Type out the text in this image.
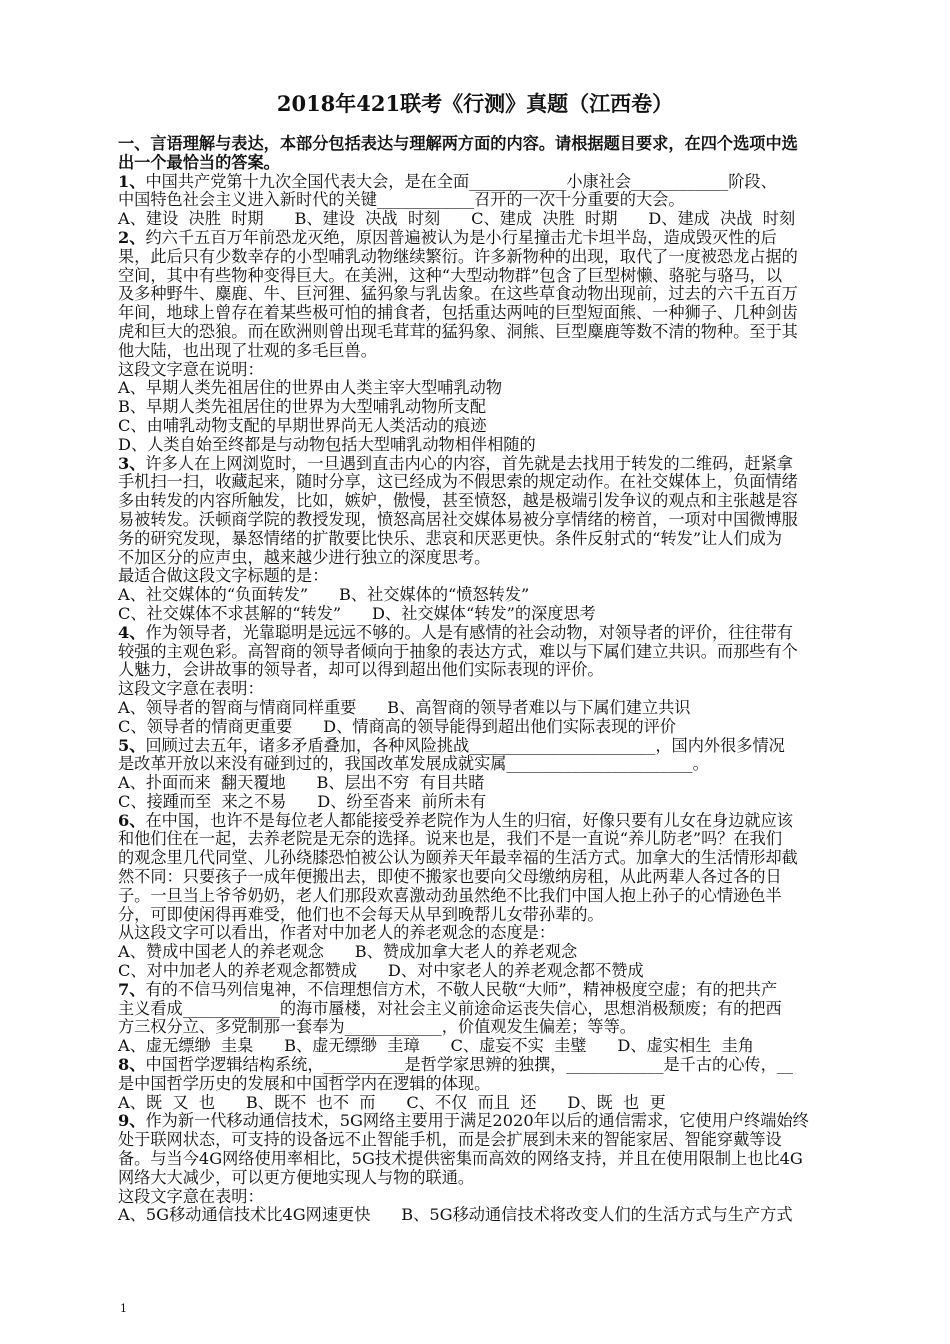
2018年421联考《行测》真题（江西卷）
一、言语理解与表达，本部分包括表达与理解两方面的内容。请根据题目要求，在四个选项中选
出一个最恰当的答案。
1、中国共产党第十九次全国代表大会，是在全面____________小康社会____________阶段、
中国特色社会主义进入新时代的关键____________召开的一次十分重要的大会。
A、建设  决胜  时期      B、建设  决战  时刻      C、建成  决胜  时期      D、建成  决战  时刻
2、约六千五百万年前恐龙灭绝，原因普遍被认为是小行星撞击尤卡坦半岛，造成毁灭性的后
果，此后只有少数幸存的小型哺乳动物继续繁衍。许多新物种的出现，取代了一度被恐龙占据的
空间，其中有些物种变得巨大。在美洲，这种“大型动物群”包含了巨型树懒、骆驼与骆马，以
及多种野牛、麋鹿、牛、巨河狸、猛犸象与乳齿象。在这些草食动物出现前，过去的六千五百万
年间，地球上曾存在着某些极可怕的捕食者，包括重达两吨的巨型短面熊、一种狮子、几种剑齿
虎和巨大的恐狼。而在欧洲则曾出现毛茸茸的猛犸象、洞熊、巨型麋鹿等数不清的物种。至于其
他大陆，也出现了壮观的多毛巨兽。
这段文字意在说明：
A、早期人类先祖居住的世界由人类主宰大型哺乳动物
B、早期人类先祖居住的世界为大型哺乳动物所支配
C、由哺乳动物支配的早期世界尚无人类活动的痕迹
D、人类自始至终都是与动物包括大型哺乳动物相伴相随的
3、许多人在上网浏览时，一旦遇到直击内心的内容，首先就是去找用于转发的二维码，赶紧拿
手机扫一扫，收藏起来，随时分享，这已经成为不假思索的规定动作。在社交媒体上，负面情绪
多由转发的内容所触发，比如，嫉妒，傲慢，甚至愤怒，越是极端引发争议的观点和主张越是容
易被转发。沃顿商学院的教授发现，愤怒高居社交媒体易被分享情绪的榜首，一项对中国微博服
务的研究发现，暴怒情绪的扩散要比快乐、悲哀和厌恶更快。条件反射式的“转发”让人们成为
不加区分的应声虫，越来越少进行独立的深度思考。
最适合做这段文字标题的是：
A、社交媒体的“负面转发”      B、社交媒体的“愤怒转发”
C、社交媒体不求甚解的“转发”      D、社交媒体“转发”的深度思考
4、作为领导者，光靠聪明是远远不够的。人是有感情的社会动物，对领导者的评价，往往带有
较强的主观色彩。高智商的领导者倾向于抽象的表达方式，难以与下属们建立共识。而那些有个
人魅力，会讲故事的领导者，却可以得到超出他们实际表现的评价。
这段文字意在表明：
A、领导者的智商与情商同样重要      B、高智商的领导者难以与下属们建立共识
C、领导者的情商更重要      D、情商高的领导能得到超出他们实际表现的评价
5、回顾过去五年，诸多矛盾叠加，各种风险挑战_______________________，国内外很多情况
是改革开放以来没有碰到过的，我国改革发展成就实属_______________________。
A、扑面而来  翻天覆地      B、层出不穷  有目共睹
C、接踵而至  来之不易      D、纷至沓来  前所未有
6、在中国，也许不是每位老人都能接受养老院作为人生的归宿，好像只要有儿女在身边就应该
和他们住在一起，去养老院是无奈的选择。说来也是，我们不是一直说“养儿防老”吗？在我们
的观念里几代同堂、儿孙绕膝恐怕被公认为颐养天年最幸福的生活方式。加拿大的生活情形却截
然不同：只要孩子一成年便搬出去，即使不搬家也要向父母缴纳房租，从此两辈人各过各的日
子。一旦当上爷爷奶奶，老人们那段欢喜激动劲虽然绝不比我们中国人抱上孙子的心情逊色半
分，可即使闲得再难受，他们也不会每天从早到晚帮儿女带孙辈的。
从这段文字可以看出，作者对中加老人的养老观念的态度是：
A、赞成中国老人的养老观念      B、赞成加拿大老人的养老观念
C、对中加老人的养老观念都赞成      D、对中家老人的养老观念都不赞成
7、有的不信马列信鬼神，不信理想信方术，不敬人民敬“大师”，精神极度空虚；有的把共产
主义看成____________的海市蜃楼，对社会主义前途命运丧失信心，思想消极颓废；有的把西
方三权分立、多党制那一套奉为____________，价值观发生偏差；等等。
A、虚无缥缈  圭臬      B、虚无缥缈  圭璋      C、虚妄不实  圭璧      D、虚实相生  圭角
8、中国哲学逻辑结构系统，__________是哲学家思辨的独撰，____________是千古的心传，__
是中国哲学历史的发展和中国哲学内在逻辑的体现。
A、既  又  也      B、既不  也不  而      C、不仅  而且  还      D、既  也  更
9、作为新一代移动通信技术，5G网络主要用于满足2020年以后的通信需求，它使用户终端始终
处于联网状态，可支持的设备远不止智能手机，而是会扩展到未来的智能家居、智能穿戴等设
备。与当今4G网络使用率相比，5G技术提供密集而高效的网络支持，并且在使用限制上也比4G
网络大大减少，可以更方便地实现人与物的联通。
这段文字意在表明：
A、5G移动通信技术比4G网速更快      B、5G移动通信技术将改变人们的生活方式与生产方式
1
